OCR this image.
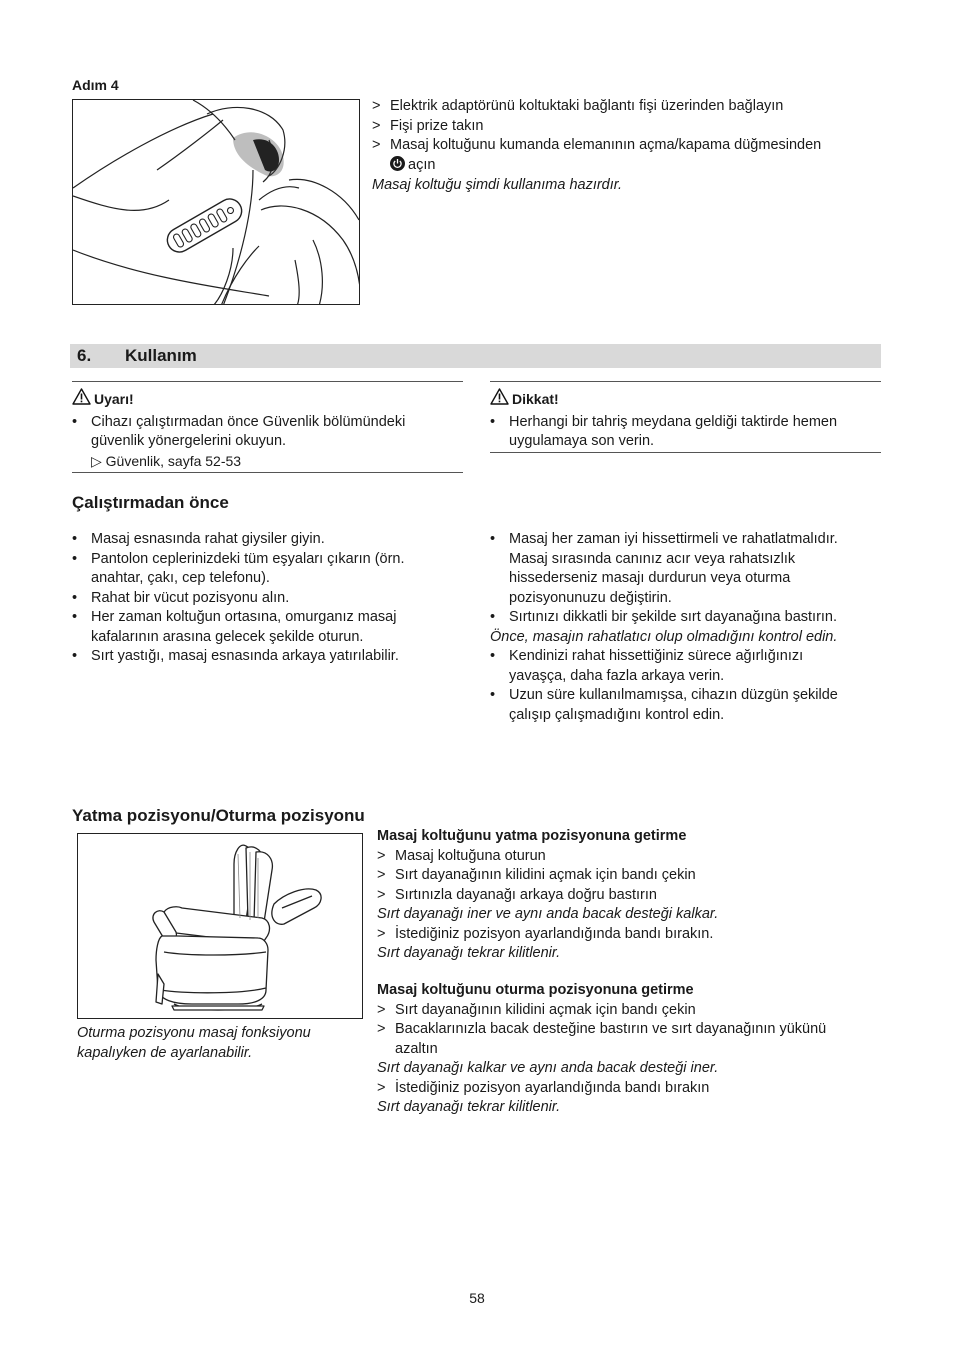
Adım 4
> Elektrik adaptörünü koltuktaki bağlantı fişi üzerinden bağlayın
> Fişi prize takın
> Masaj koltuğunu kumanda elemanının açma/kapama düğmesinden
açın
Masaj koltuğu şimdi kullanıma hazırdır.
6. Kullanım
Uyarı!
• Cihazı çalıştırmadan önce Güvenlik bölümündeki
güvenlik yönergelerini okuyun.
▷ Güvenlik, sayfa 52-53
Dikkat!
• Herhangi bir tahriş meydana geldiği taktirde hemen
uygulamaya son verin.
Çalıştırmadan önce
• Masaj esnasında rahat giysiler giyin.
• Pantolon ceplerinizdeki tüm eşyaları çıkarın (örn.
anahtar, çakı, cep telefonu).
• Rahat bir vücut pozisyonu alın.
• Her zaman koltuğun ortasına, omurganız masaj
kafalarının arasına gelecek şekilde oturun.
• Sırt yastığı, masaj esnasında arkaya yatırılabilir.
• Masaj her zaman iyi hissettirmeli ve rahatlatmalıdır.
Masaj sırasında canınız acır veya rahatsızlık
hissederseniz masajı durdurun veya oturma
pozisyonunuzu değiştirin.
• Sırtınızı dikkatli bir şekilde sırt dayanağına bastırın.
Önce, masajın rahatlatıcı olup olmadığını kontrol edin.
• Kendinizi rahat hissettiğiniz sürece ağırlığınızı
yavaşça, daha fazla arkaya verin.
• Uzun süre kullanılmamışsa, cihazın düzgün şekilde
çalışıp çalışmadığını kontrol edin.
Yatma pozisyonu/Oturma pozisyonu
Oturma pozisyonu masaj fonksiyonu
kapalıyken de ayarlanabilir.
Masaj koltuğunu yatma pozisyonuna getirme
> Masaj koltuğuna oturun
> Sırt dayanağının kilidini açmak için bandı çekin
> Sırtınızla dayanağı arkaya doğru bastırın
Sırt dayanağı iner ve aynı anda bacak desteği kalkar.
> İstediğiniz pozisyon ayarlandığında bandı bırakın.
Sırt dayanağı tekrar kilitlenir.
Masaj koltuğunu oturma pozisyonuna getirme
> Sırt dayanağının kilidini açmak için bandı çekin
> Bacaklarınızla bacak desteğine bastırın ve sırt dayanağının yükünü
azaltın
Sırt dayanağı kalkar ve aynı anda bacak desteği iner.
> İstediğiniz pozisyon ayarlandığında bandı bırakın
Sırt dayanağı tekrar kilitlenir.
58
